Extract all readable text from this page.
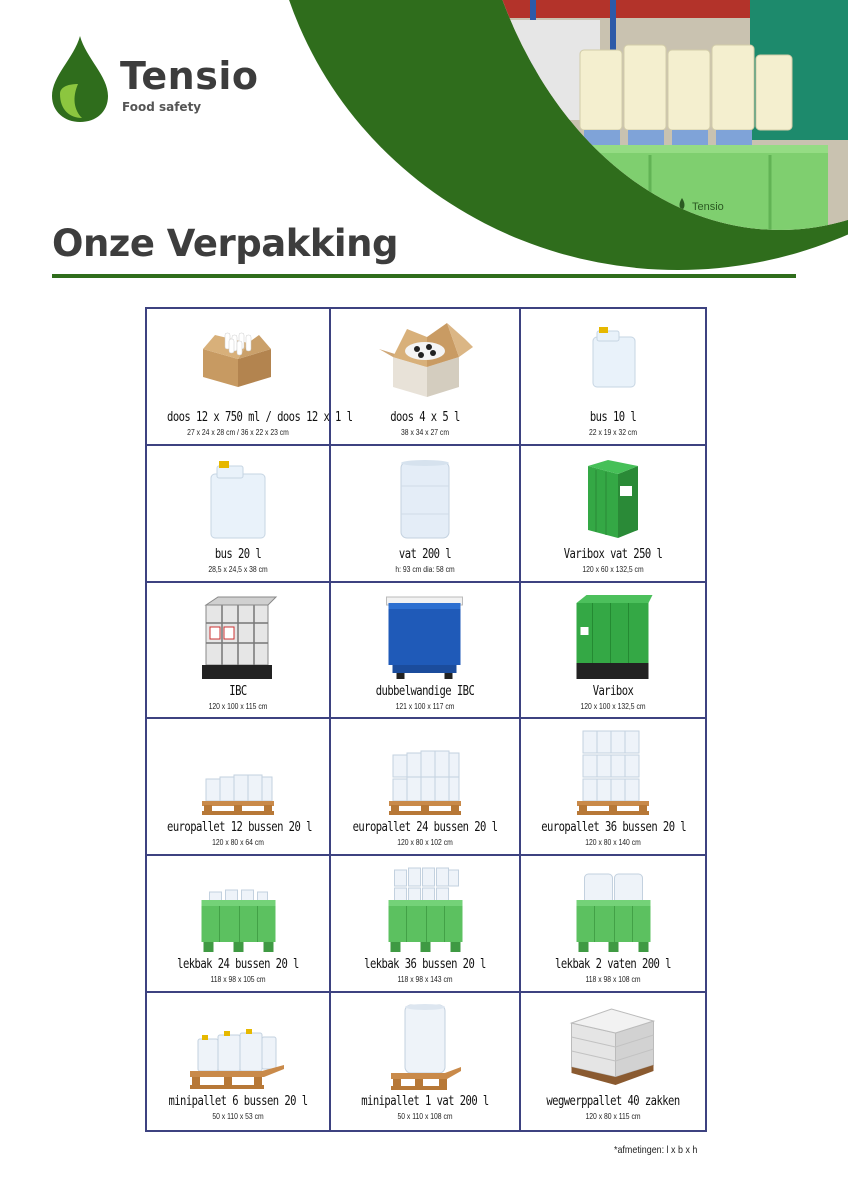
Tensio
Tensio
Food safety
Onze Verpakking
doos 12 x 750 ml / doos 12 x 1 l
27 x 24 x 28 cm / 36 x 22 x 23 cm
doos 4 x 5 l
38 x 34 x 27 cm
bus 10 l
22 x 19 x 32 cm
bus 20 l
28,5 x 24,5 x 38 cm
vat 200 l
h: 93 cm dia: 58 cm
Varibox vat 250 l
120 x 60 x 132,5 cm
IBC
120 x 100 x 115 cm
dubbelwandige IBC
121 x 100 x 117 cm
Varibox
120 x 100 x 132,5 cm
europallet 12 bussen 20 l
120 x 80 x 64 cm
europallet 24 bussen 20 l
120 x 80 x 102 cm
europallet 36 bussen 20 l
120 x 80 x 140 cm
lekbak 24 bussen 20 l
118 x 98 x 105 cm
lekbak 36 bussen 20 l
118 x 98 x 143 cm
lekbak 2 vaten 200 l
118 x 98 x 108 cm
minipallet 6 bussen 20 l
50 x 110 x 53 cm
minipallet 1 vat 200 l
50 x 110 x 108 cm
wegwerppallet 40 zakken
120 x 80 x 115 cm
*afmetingen: l x b x h
